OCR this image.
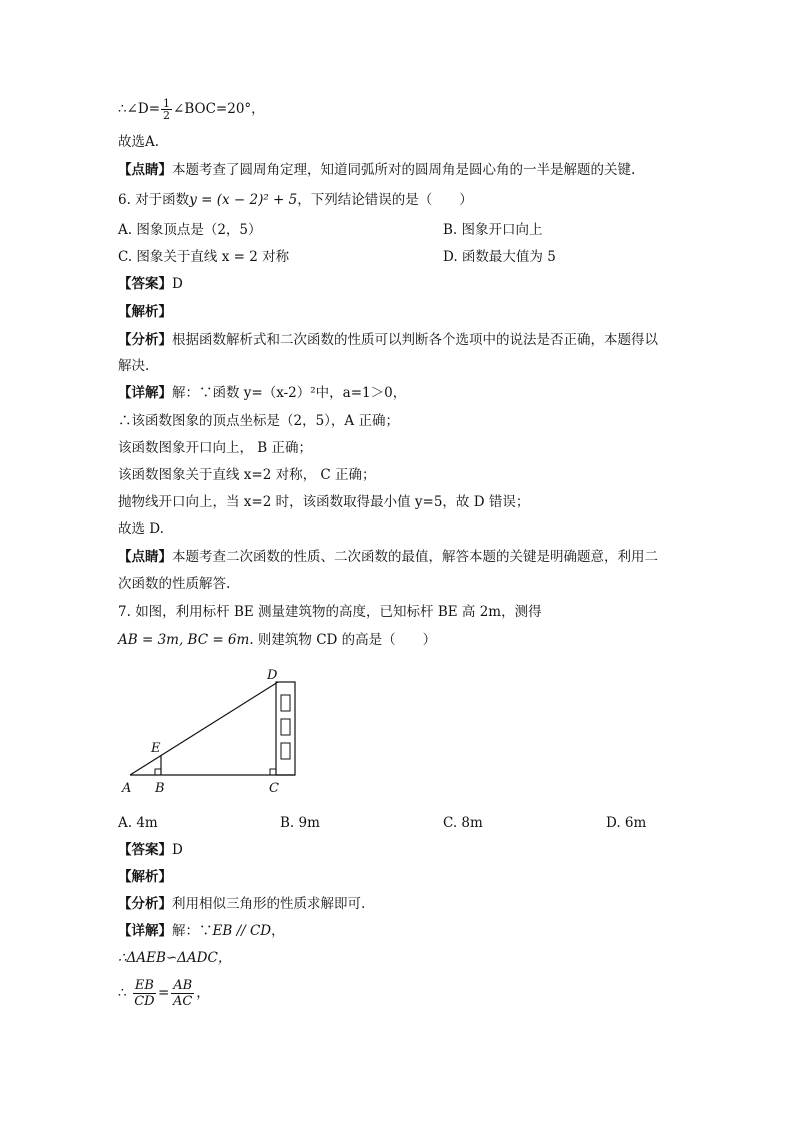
∴∠D= $\frac{1}{2}$ ∠BOC=20°，
故选A.
【点睛】本题考查了圆周角定理，知道同弧所对的圆周角是圆心角的一半是解题的关键.
6. 对于函数y = (x − 2)² + 5，下列结论错误的是（　　）
A. 图象顶点是（2，5）	B. 图象开口向上
C. 图象关于直线 x = 2 对称	D. 函数最大值为 5
【答案】D
【解析】
【分析】根据函数解析式和二次函数的性质可以判断各个选项中的说法是否正确，本题得以
解决.
【详解】解：∵函数 y=（x-2）²中，a=1＞0，
∴该函数图象的顶点坐标是（2，5），A 正确；
该函数图象开口向上， B 正确；
该函数图象关于直线 x=2 对称， C 正确；
抛物线开口向上，当 x=2 时，该函数取得最小值 y=5，故 D 错误；
故选 D.
【点睛】本题考查二次函数的性质、二次函数的最值，解答本题的关键是明确题意，利用二
次函数的性质解答.
7. 如图，利用标杆 BE 测量建筑物的高度，已知标杆 BE 高 2m，测得
AB = 3m, BC = 6m. 则建筑物 CD 的高是（　　）
D
E
A B	C
A. 4m	B. 9m	C. 8m	D. 6m
【答案】D
【解析】
【分析】利用相似三角形的性质求解即可.
【详解】解：∵EB // CD，
∴ΔAEB∽ΔADC，
∴ $\frac{EB}{CD} = \frac{AB}{AC}$ ，
